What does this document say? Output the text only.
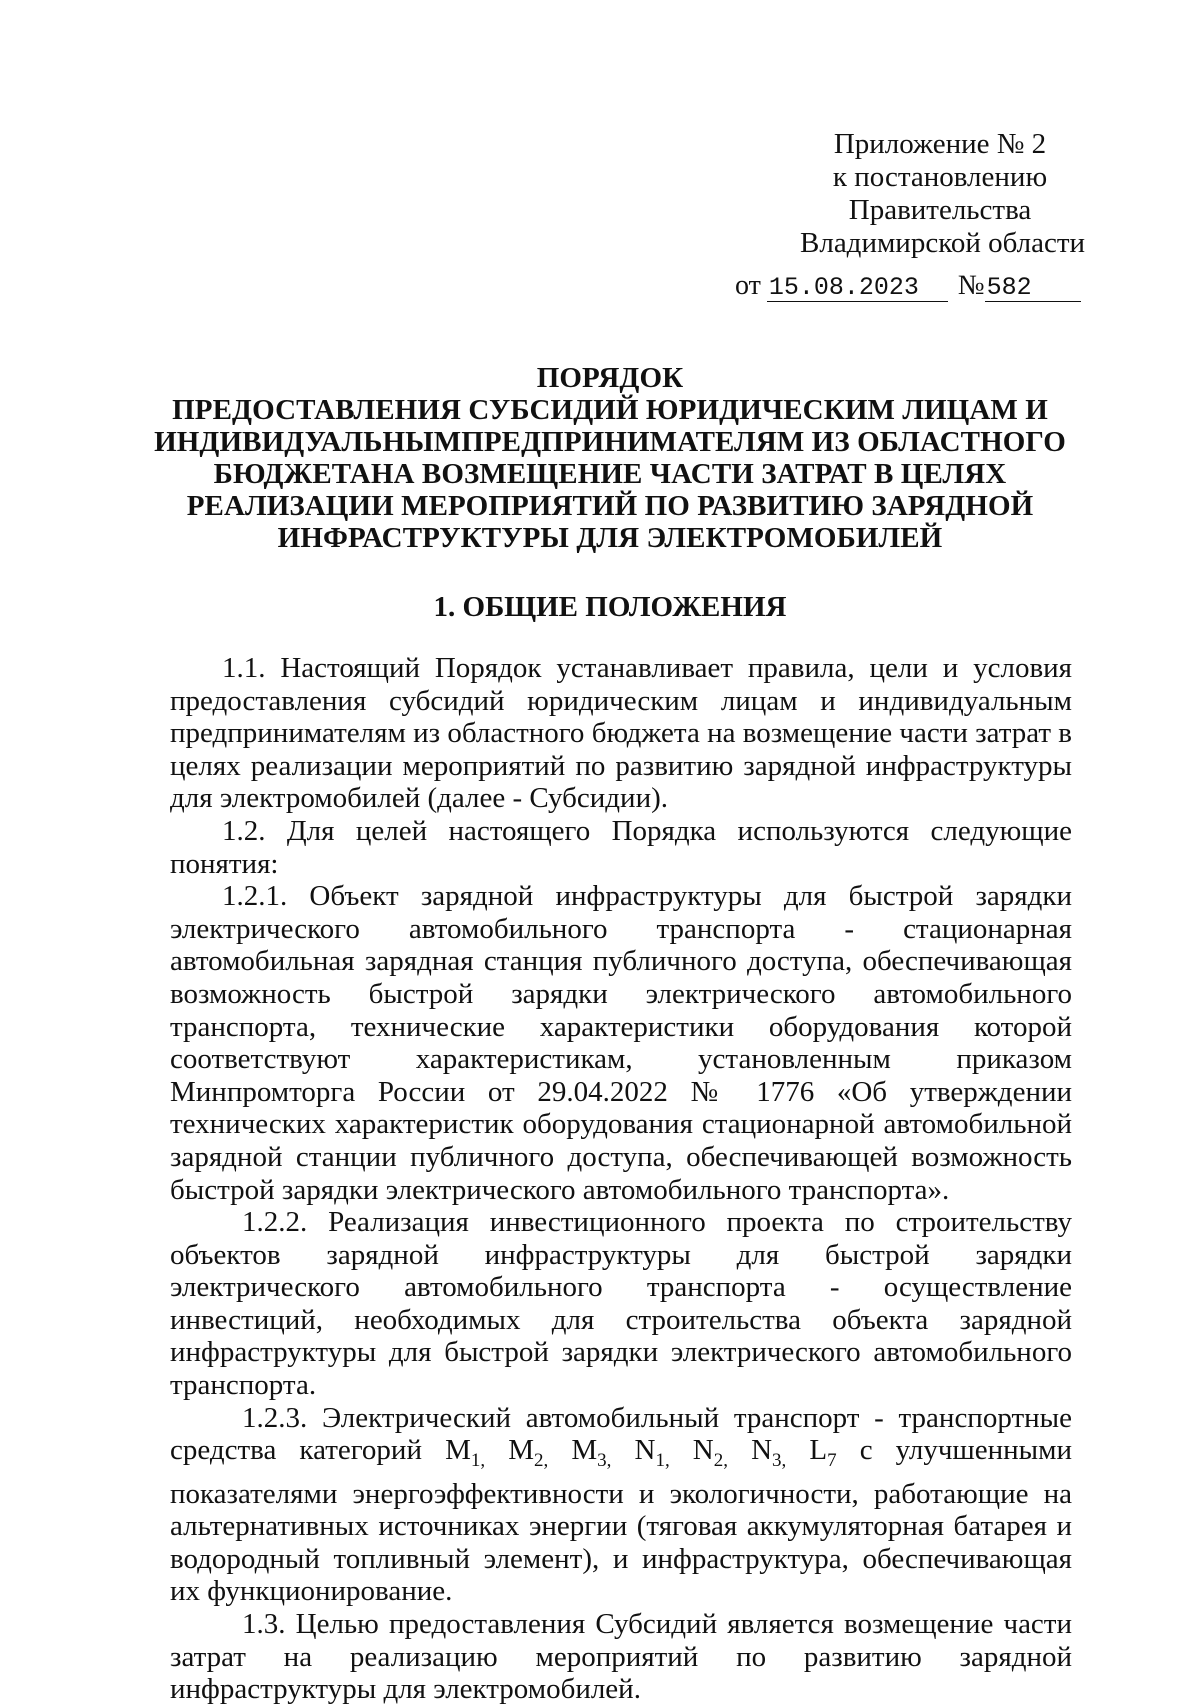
Приложение № 2
к постановлению
Правительства
Владимирской области
от 15.08.2023 №582
ПОРЯДОК
ПРЕДОСТАВЛЕНИЯ СУБСИДИЙ ЮРИДИЧЕСКИМ ЛИЦАМ И
ИНДИВИДУАЛЬНЫМПРЕДПРИНИМАТЕЛЯМ ИЗ ОБЛАСТНОГО
БЮДЖЕТАНА ВОЗМЕЩЕНИЕ ЧАСТИ ЗАТРАТ В ЦЕЛЯХ
РЕАЛИЗАЦИИ МЕРОПРИЯТИЙ ПО РАЗВИТИЮ ЗАРЯДНОЙ
ИНФРАСТРУКТУРЫ ДЛЯ ЭЛЕКТРОМОБИЛЕЙ
1. ОБЩИЕ ПОЛОЖЕНИЯ

1.1. Настоящий Порядок устанавливает правила, цели и условия предоставления субсидий юридическим лицам и индивидуальным предпринимателям из областного бюджета на возмещение части затрат в целях реализации мероприятий по развитию зарядной инфраструктуры для электромобилей (далее - Субсидии).

1.2. Для целей настоящего Порядка используются следующие понятия:

1.2.1. Объект зарядной инфраструктуры для быстрой зарядки электрического автомобильного транспорта - стационарная автомобильная зарядная станция публичного доступа, обеспечивающая возможность быстрой зарядки электрического автомобильного транспорта, технические характеристики оборудования которой соответствуют характеристикам, установленным приказом Минпромторга России от 29.04.2022 № 1776 «Об утверждении технических характеристик оборудования стационарной автомобильной зарядной станции публичного доступа, обеспечивающей возможность быстрой зарядки электрического автомобильного транспорта».

1.2.2. Реализация инвестиционного проекта по строительству объектов зарядной инфраструктуры для быстрой зарядки электрического автомобильного транспорта - осуществление инвестиций, необходимых для строительства объекта зарядной инфраструктуры для быстрой зарядки электрического автомобильного транспорта.

1.2.3. Электрический автомобильный транспорт - транспортные средства категорий $M_{1,}$ $M_{2,}$ $M_{3,}$ $N_{1,}$ $N_{2,}$ $N_{3,}$ $L_7$ с улучшенными показателями энергоэффективности и экологичности, работающие на альтернативных источниках энергии (тяговая аккумуляторная батарея и водородный топливный элемент), и инфраструктура, обеспечивающая их функционирование.

1.3. Целью предоставления Субсидий является возмещение части затрат на реализацию мероприятий по развитию зарядной инфраструктуры для электромобилей.
